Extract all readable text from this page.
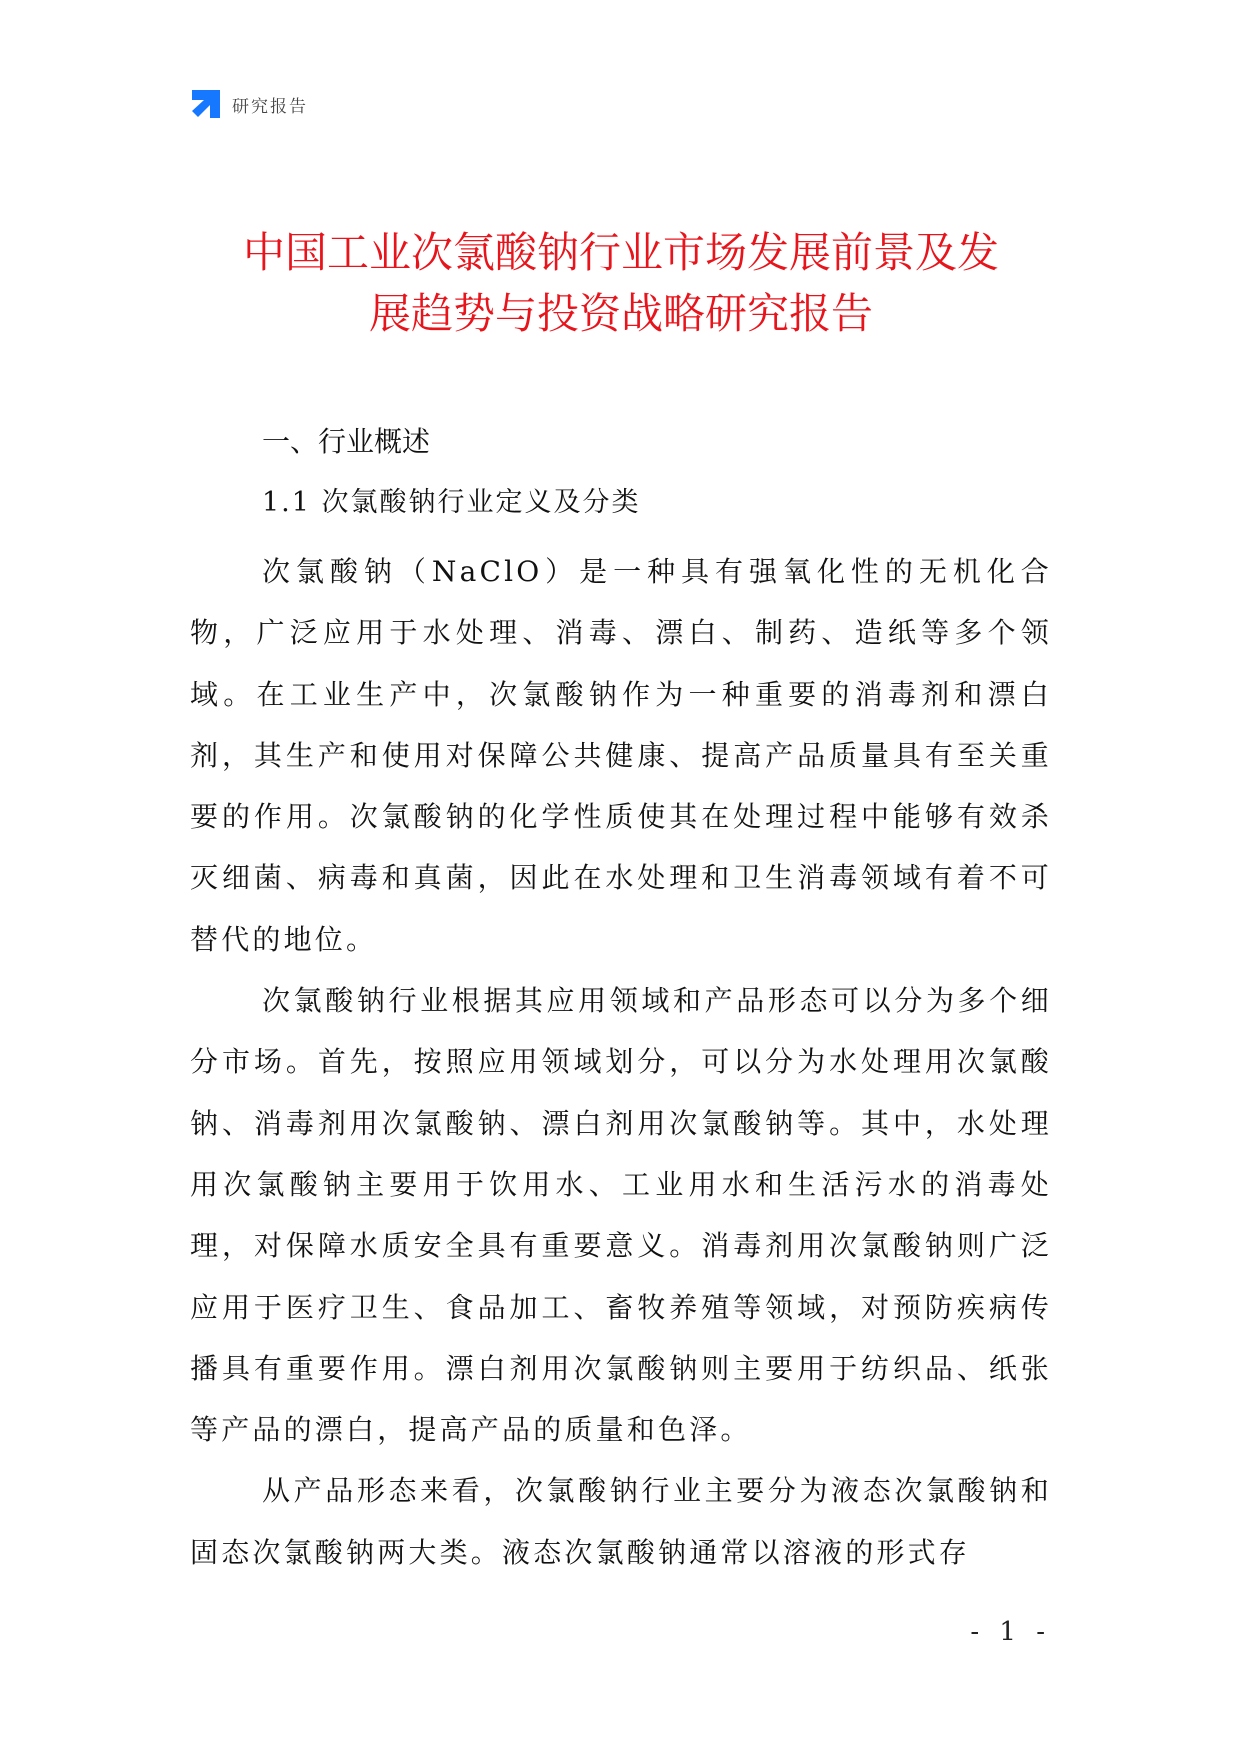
研究报告
中国工业次氯酸钠行业市场发展前景及发
展趋势与投资战略研究报告
一、行业概述
1.1 次氯酸钠行业定义及分类

次氯酸钠（NaClO）是一种具有强氧化性的无机化合物，广泛应用于水处理、消毒、漂白、制药、造纸等多个领域。在工业生产中，次氯酸钠作为一种重要的消毒剂和漂白剂，其生产和使用对保障公共健康、提高产品质量具有至关重要的作用。次氯酸钠的化学性质使其在处理过程中能够有效杀灭细菌、病毒和真菌，因此在水处理和卫生消毒领域有着不可替代的地位。

次氯酸钠行业根据其应用领域和产品形态可以分为多个细分市场。首先，按照应用领域划分，可以分为水处理用次氯酸钠、消毒剂用次氯酸钠、漂白剂用次氯酸钠等。其中，水处理用次氯酸钠主要用于饮用水、工业用水和生活污水的消毒处理，对保障水质安全具有重要意义。消毒剂用次氯酸钠则广泛应用于医疗卫生、食品加工、畜牧养殖等领域，对预防疾病传播具有重要作用。漂白剂用次氯酸钠则主要用于纺织品、纸张等产品的漂白，提高产品的质量和色泽。

从产品形态来看，次氯酸钠行业主要分为液态次氯酸钠和固态次氯酸钠两大类。液态次氯酸钠通常以溶液的形式存

- 1 -
